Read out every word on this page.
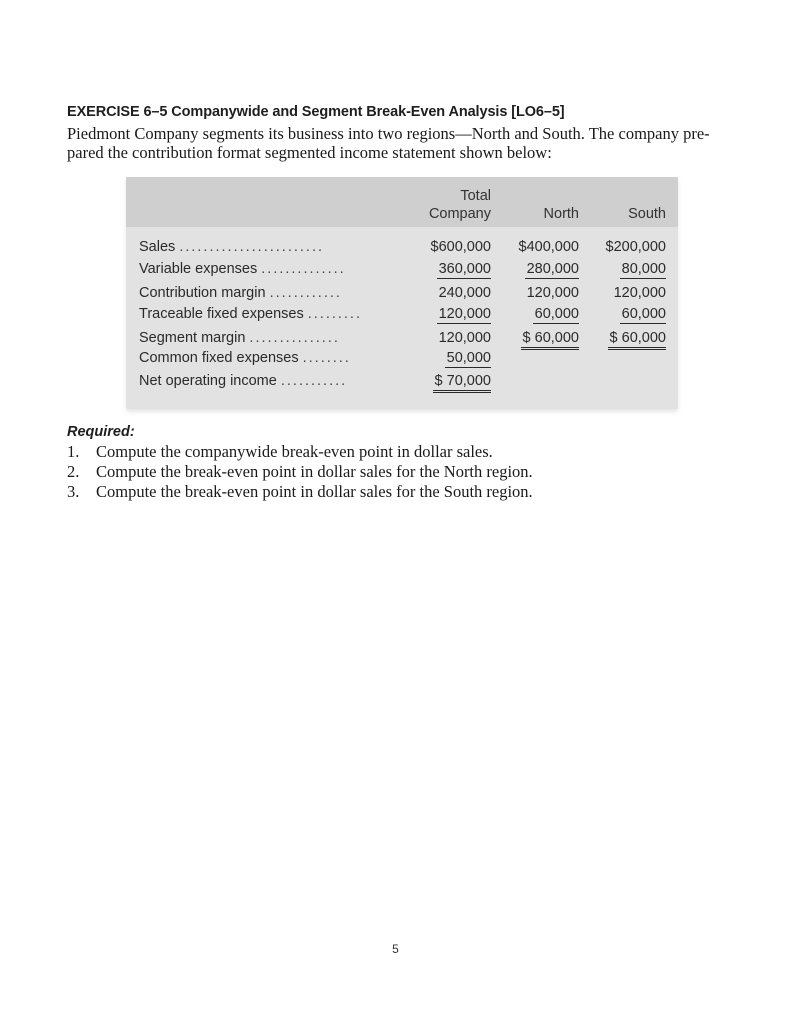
EXERCISE 6–5 Companywide and Segment Break-Even Analysis [LO6–5]
Piedmont Company segments its business into two regions—North and South. The company pre-
pared the contribution format segmented income statement shown below:
Total
Company	North	South
Sales ........................	$600,000	$400,000	$200,000
Variable expenses ..............	360,000	280,000	80,000
Contribution margin ............	240,000	120,000	120,000
Traceable fixed expenses .........	120,000	60,000	60,000
Segment margin ...............	120,000	$ 60,000	$ 60,000
Common fixed expenses ........	50,000
Net operating income ...........	$ 70,000
Required:
1. Compute the companywide break-even point in dollar sales.
2. Compute the break-even point in dollar sales for the North region.
3. Compute the break-even point in dollar sales for the South region.
5
